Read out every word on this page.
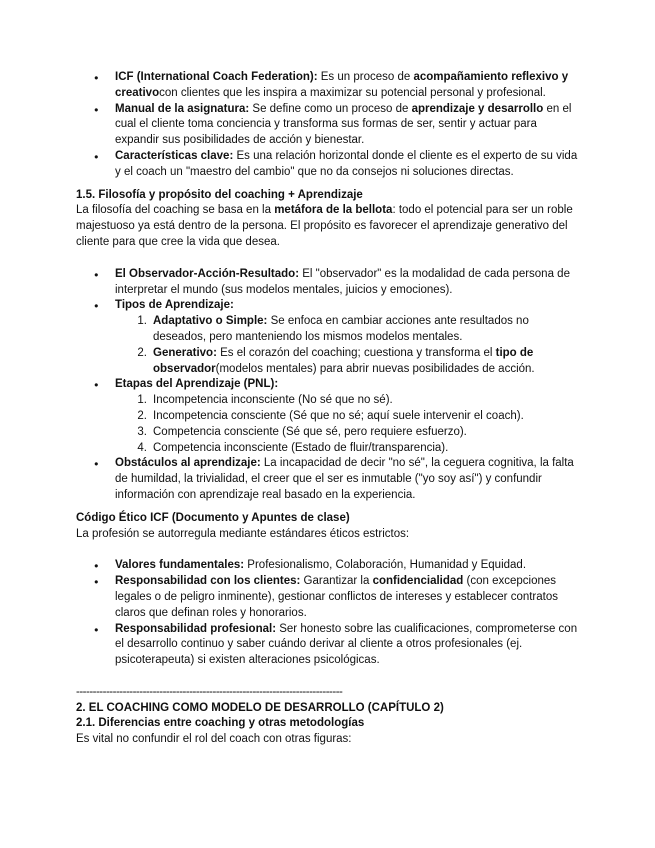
● ICF (International Coach Federation): Es un proceso de acompañamiento reflexivo y creativocon clientes que les inspira a maximizar su potencial personal y profesional.
● Manual de la asignatura: Se define como un proceso de aprendizaje y desarrollo en el cual el cliente toma conciencia y transforma sus formas de ser, sentir y actuar para expandir sus posibilidades de acción y bienestar.
● Características clave: Es una relación horizontal donde el cliente es el experto de su vida y el coach un "maestro del cambio" que no da consejos ni soluciones directas.

1.5. Filosofía y propósito del coaching + Aprendizaje

La filosofía del coaching se basa en la metáfora de la bellota: todo el potencial para ser un roble majestuoso ya está dentro de la persona. El propósito es favorecer el aprendizaje generativo del cliente para que cree la vida que desea.

● El Observador-Acción-Resultado: El "observador" es la modalidad de cada persona de interpretar el mundo (sus modelos mentales, juicios y emociones).
● Tipos de Aprendizaje:
1. Adaptativo o Simple: Se enfoca en cambiar acciones ante resultados no deseados, pero manteniendo los mismos modelos mentales.
2. Generativo: Es el corazón del coaching; cuestiona y transforma el tipo de observador(modelos mentales) para abrir nuevas posibilidades de acción.
● Etapas del Aprendizaje (PNL):
1. Incompetencia inconsciente (No sé que no sé).
2. Incompetencia consciente (Sé que no sé; aquí suele intervenir el coach).
3. Competencia consciente (Sé que sé, pero requiere esfuerzo).
4. Competencia inconsciente (Estado de fluir/transparencia).
● Obstáculos al aprendizaje: La incapacidad de decir "no sé", la ceguera cognitiva, la falta de humildad, la trivialidad, el creer que el ser es inmutable ("yo soy así") y confundir información con aprendizaje real basado en la experiencia.

Código Ético ICF (Documento y Apuntes de clase)

La profesión se autorregula mediante estándares éticos estrictos:

● Valores fundamentales: Profesionalismo, Colaboración, Humanidad y Equidad.
● Responsabilidad con los clientes: Garantizar la confidencialidad (con excepciones legales o de peligro inminente), gestionar conflictos de intereses y establecer contratos claros que definan roles y honorarios.
● Responsabilidad profesional: Ser honesto sobre las cualificaciones, comprometerse con el desarrollo continuo y saber cuándo derivar al cliente a otros profesionales (ej. psicoterapeuta) si existen alteraciones psicológicas.

--------------------------------------------------------------------------------

2. EL COACHING COMO MODELO DE DESARROLLO (CAPÍTULO 2)

2.1. Diferencias entre coaching y otras metodologías

Es vital no confundir el rol del coach con otras figuras:
